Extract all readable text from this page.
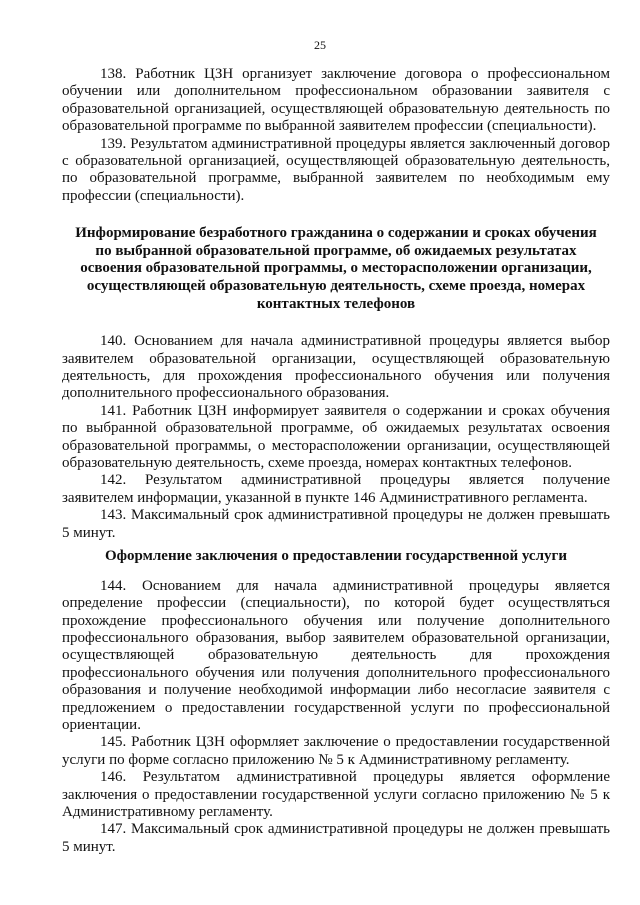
25

138. Работник ЦЗН организует заключение договора о профессиональном обучении или дополнительном профессиональном образовании заявителя с образовательной организацией, осуществляющей образовательную деятельность по образовательной программе по выбранной заявителем профессии (специальности).

139. Результатом административной процедуры является заключенный договор с образовательной организацией, осуществляющей образовательную деятельность, по образовательной программе, выбранной заявителем по необходимым ему профессии (специальности).

Информирование безработного гражданина о содержании и сроках обучения по выбранной образовательной программе, об ожидаемых результатах освоения образовательной программы, о месторасположении организации, осуществляющей образовательную деятельность, схеме проезда, номерах контактных телефонов

140. Основанием для начала административной процедуры является выбор заявителем образовательной организации, осуществляющей образовательную деятельность, для прохождения профессионального обучения или получения дополнительного профессионального образования.

141. Работник ЦЗН информирует заявителя о содержании и сроках обучения по выбранной образовательной программе, об ожидаемых результатах освоения образовательной программы, о месторасположении организации, осуществляющей образовательную деятельность, схеме проезда, номерах контактных телефонов.

142. Результатом административной процедуры является получение заявителем информации, указанной в пункте 146 Административного регламента.

143. Максимальный срок административной процедуры не должен превышать 5 минут.

Оформление заключения о предоставлении государственной услуги

144. Основанием для начала административной процедуры является определение профессии (специальности), по которой будет осуществляться прохождение профессионального обучения или получение дополнительного профессионального образования, выбор заявителем образовательной организации, осуществляющей образовательную деятельность для прохождения профессионального обучения или получения дополнительного профессионального образования и получение необходимой информации либо несогласие заявителя с предложением о предоставлении государственной услуги по профессиональной ориентации.

145. Работник ЦЗН оформляет заключение о предоставлении государственной услуги по форме согласно приложению № 5 к Административному регламенту.

146. Результатом административной процедуры является оформление заключения о предоставлении государственной услуги согласно приложению № 5 к Административному регламенту.

147. Максимальный срок административной процедуры не должен превышать 5 минут.
